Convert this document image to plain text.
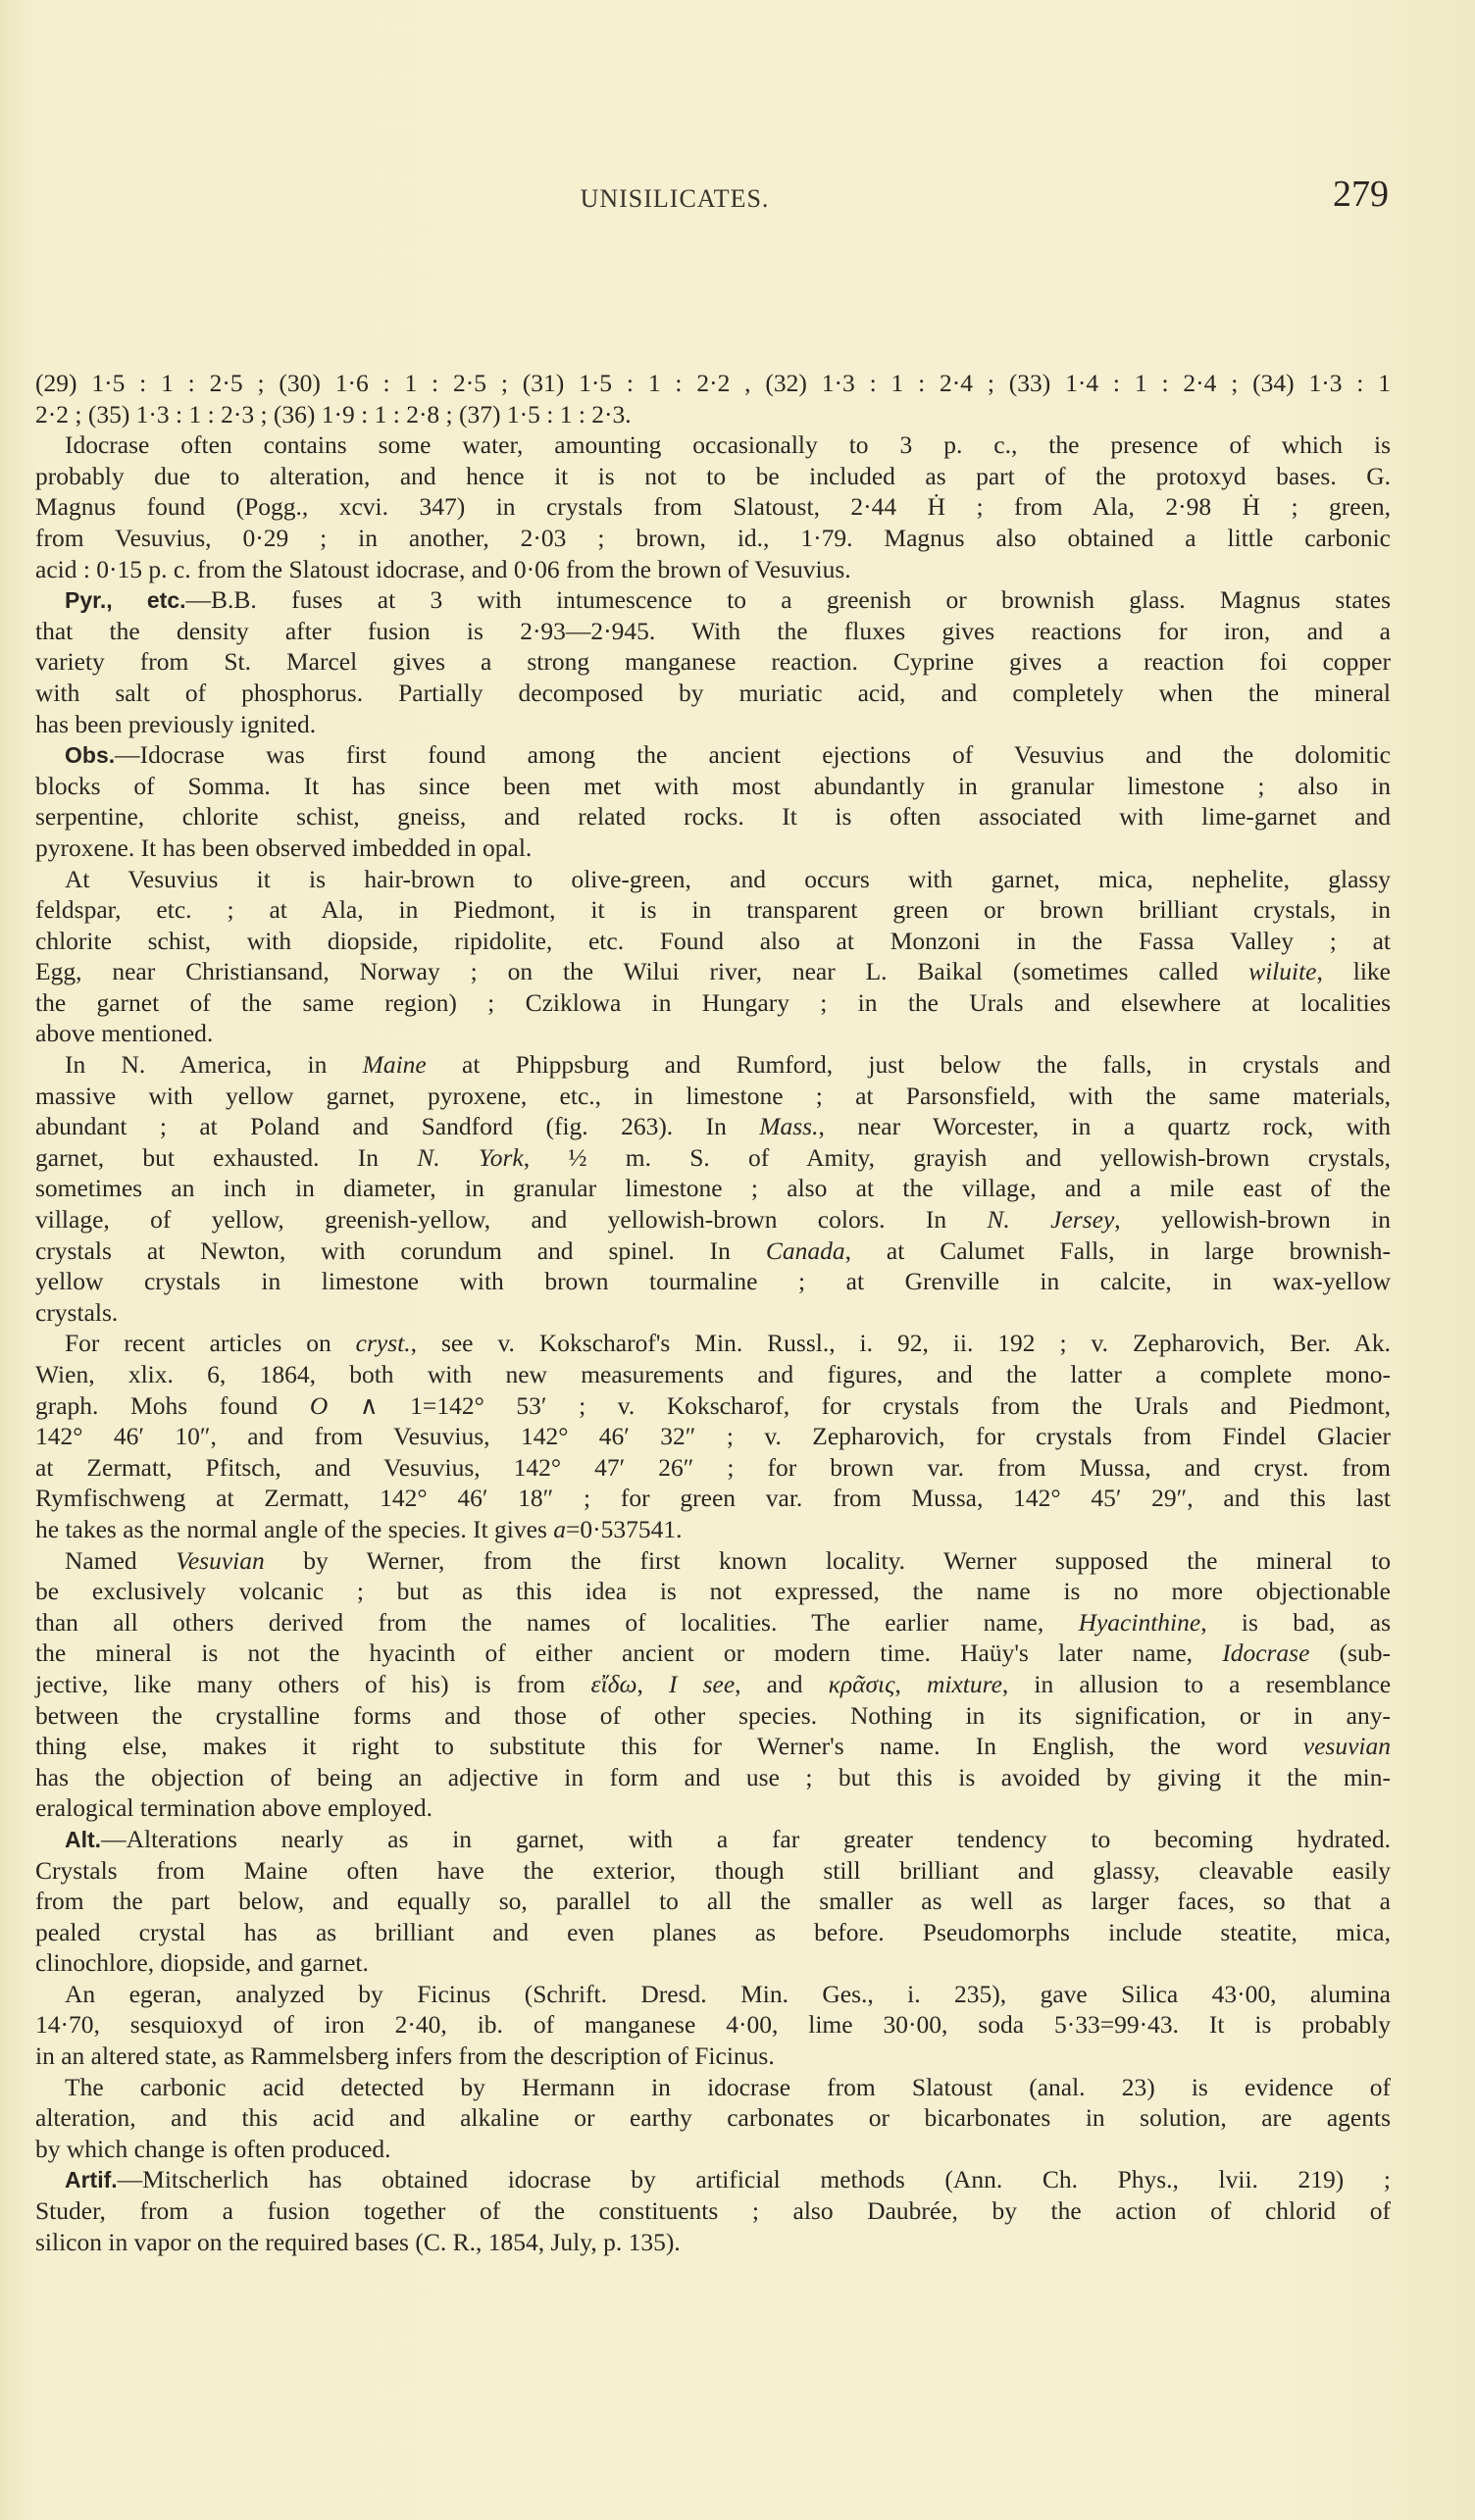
UNISILICATES.	279
(29) 1·5 : 1 : 2·5 ; (30) 1·6 : 1 : 2·5 ; (31) 1·5 : 1 : 2·2 , (32) 1·3 : 1 : 2·4 ; (33) 1·4 : 1 : 2·4 ; (34) 1·3 : 1
2·2 ; (35) 1·3 : 1 : 2·3 ; (36) 1·9 : 1 : 2·8 ; (37) 1·5 : 1 : 2·3.
Idocrase often contains some water, amounting occasionally to 3 p. c., the presence of which is
probably due to alteration, and hence it is not to be included as part of the protoxyd bases. G.
Magnus found (Pogg., xcvi. 347) in crystals from Slatoust, 2·44 Ḣ ; from Ala, 2·98 Ḣ ; green,
from Vesuvius, 0·29 ; in another, 2·03 ; brown, id., 1·79. Magnus also obtained a little carbonic
acid : 0·15 p. c. from the Slatoust idocrase, and 0·06 from the brown of Vesuvius.
Pyr., etc.—B.B. fuses at 3 with intumescence to a greenish or brownish glass. Magnus states
that the density after fusion is 2·93—2·945. With the fluxes gives reactions for iron, and a
variety from St. Marcel gives a strong manganese reaction. Cyprine gives a reaction foi copper
with salt of phosphorus. Partially decomposed by muriatic acid, and completely when the mineral
has been previously ignited.
Obs.—Idocrase was first found among the ancient ejections of Vesuvius and the dolomitic
blocks of Somma. It has since been met with most abundantly in granular limestone ; also in
serpentine, chlorite schist, gneiss, and related rocks. It is often associated with lime-garnet and
pyroxene. It has been observed imbedded in opal.
At Vesuvius it is hair-brown to olive-green, and occurs with garnet, mica, nephelite, glassy
feldspar, etc. ; at Ala, in Piedmont, it is in transparent green or brown brilliant crystals, in
chlorite schist, with diopside, ripidolite, etc. Found also at Monzoni in the Fassa Valley ; at
Egg, near Christiansand, Norway ; on the Wilui river, near L. Baikal (sometimes called wiluite, like
the garnet of the same region) ; Cziklowa in Hungary ; in the Urals and elsewhere at localities
above mentioned.
In N. America, in Maine at Phippsburg and Rumford, just below the falls, in crystals and
massive with yellow garnet, pyroxene, etc., in limestone ; at Parsonsfield, with the same materials,
abundant ; at Poland and Sandford (fig. 263). In Mass., near Worcester, in a quartz rock, with
garnet, but exhausted. In N. York, ½ m. S. of Amity, grayish and yellowish-brown crystals,
sometimes an inch in diameter, in granular limestone ; also at the village, and a mile east of the
village, of yellow, greenish-yellow, and yellowish-brown colors. In N. Jersey, yellowish-brown in
crystals at Newton, with corundum and spinel. In Canada, at Calumet Falls, in large brownish-
yellow crystals in limestone with brown tourmaline ; at Grenville in calcite, in wax-yellow
crystals.
For recent articles on cryst., see v. Kokscharof's Min. Russl., i. 92, ii. 192 ; v. Zepharovich, Ber. Ak.
Wien, xlix. 6, 1864, both with new measurements and figures, and the latter a complete mono-
graph. Mohs found O ∧ 1=142° 53′ ; v. Kokscharof, for crystals from the Urals and Piedmont,
142° 46′ 10″, and from Vesuvius, 142° 46′ 32″ ; v. Zepharovich, for crystals from Findel Glacier
at Zermatt, Pfitsch, and Vesuvius, 142° 47′ 26″ ; for brown var. from Mussa, and cryst. from
Rymfischweng at Zermatt, 142° 46′ 18″ ; for green var. from Mussa, 142° 45′ 29″, and this last
he takes as the normal angle of the species. It gives a=0·537541.
Named Vesuvian by Werner, from the first known locality. Werner supposed the mineral to
be exclusively volcanic ; but as this idea is not expressed, the name is no more objectionable
than all others derived from the names of localities. The earlier name, Hyacinthine, is bad, as
the mineral is not the hyacinth of either ancient or modern time. Haüy's later name, Idocrase (sub-
jective, like many others of his) is from εἴδω, I see, and κρᾶσις, mixture, in allusion to a resemblance
between the crystalline forms and those of other species. Nothing in its signification, or in any-
thing else, makes it right to substitute this for Werner's name. In English, the word vesuvian
has the objection of being an adjective in form and use ; but this is avoided by giving it the min-
eralogical termination above employed.
Alt.—Alterations nearly as in garnet, with a far greater tendency to becoming hydrated.
Crystals from Maine often have the exterior, though still brilliant and glassy, cleavable easily
from the part below, and equally so, parallel to all the smaller as well as larger faces, so that a
pealed crystal has as brilliant and even planes as before. Pseudomorphs include steatite, mica,
clinochlore, diopside, and garnet.
An egeran, analyzed by Ficinus (Schrift. Dresd. Min. Ges., i. 235), gave Silica 43·00, alumina
14·70, sesquioxyd of iron 2·40, ib. of manganese 4·00, lime 30·00, soda 5·33=99·43. It is probably
in an altered state, as Rammelsberg infers from the description of Ficinus.
The carbonic acid detected by Hermann in idocrase from Slatoust (anal. 23) is evidence of
alteration, and this acid and alkaline or earthy carbonates or bicarbonates in solution, are agents
by which change is often produced.
Artif.—Mitscherlich has obtained idocrase by artificial methods (Ann. Ch. Phys., lvii. 219) ;
Studer, from a fusion together of the constituents ; also Daubrée, by the action of chlorid of
silicon in vapor on the required bases (C. R., 1854, July, p. 135).
